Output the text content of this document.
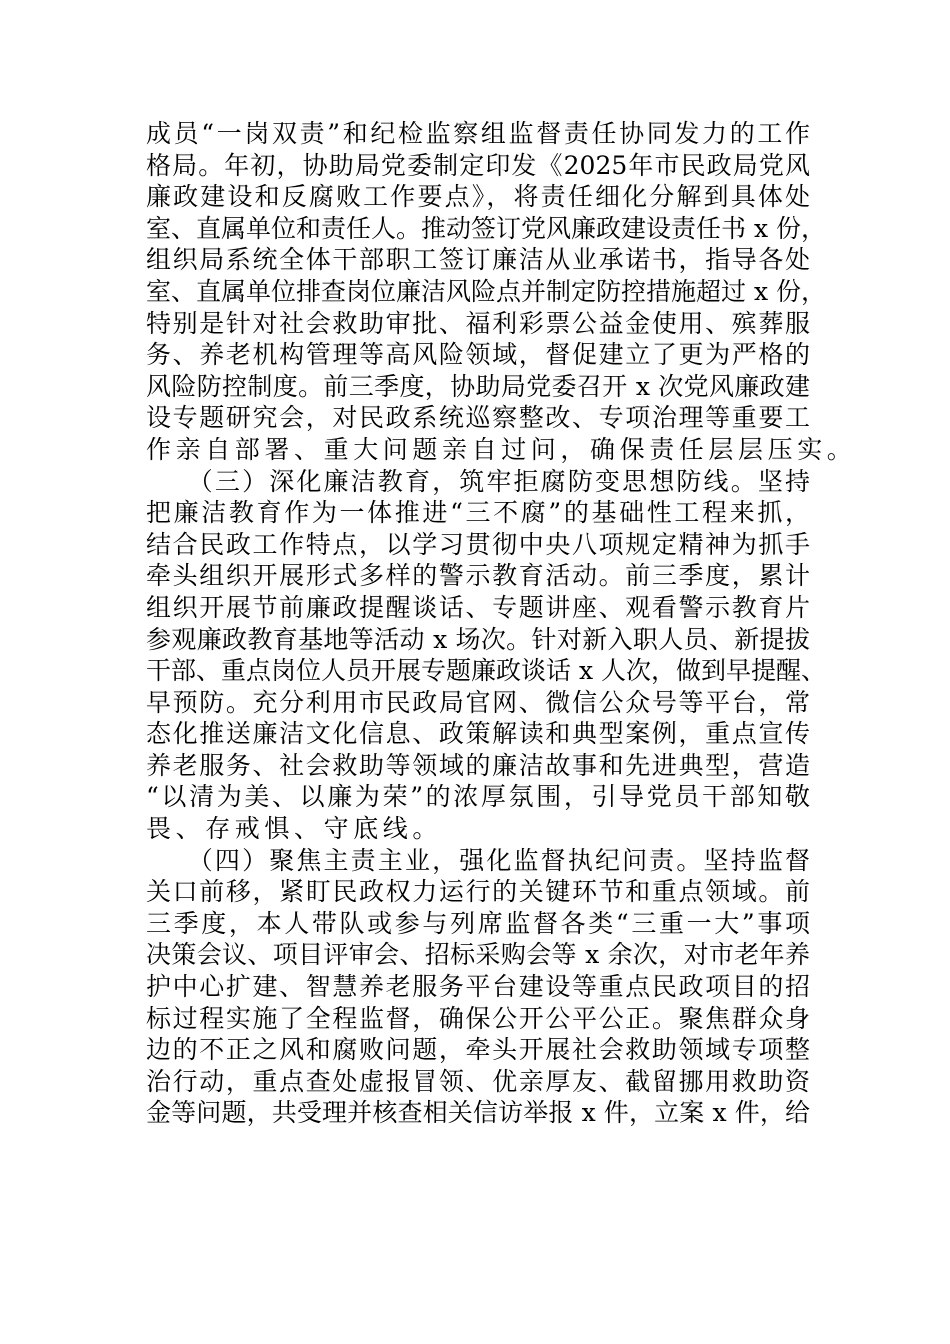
成员“一岗双责”和纪检监察组监督责任协同发力的工作
格局。年初，协助局党委制定印发《2025年市民政局党风
廉政建设和反腐败工作要点》，将责任细化分解到具体处
室、直属单位和责任人。推动签订党风廉政建设责任书 x 份，
组织局系统全体干部职工签订廉洁从业承诺书，指导各处
室、直属单位排查岗位廉洁风险点并制定防控措施超过 x 份，
特别是针对社会救助审批、福利彩票公益金使用、殡葬服
务、养老机构管理等高风险领域，督促建立了更为严格的
风险防控制度。前三季度，协助局党委召开 x 次党风廉政建
设专题研究会，对民政系统巡察整改、专项治理等重要工
作亲自部署、重大问题亲自过问，确保责任层层压实。
　　（三）深化廉洁教育，筑牢拒腐防变思想防线。坚持
把廉洁教育作为一体推进“三不腐”的基础性工程来抓，
结合民政工作特点，以学习贯彻中央八项规定精神为抓手
牵头组织开展形式多样的警示教育活动。前三季度，累计
组织开展节前廉政提醒谈话、专题讲座、观看警示教育片
参观廉政教育基地等活动 x 场次。针对新入职人员、新提拔
干部、重点岗位人员开展专题廉政谈话 x 人次，做到早提醒、
早预防。充分利用市民政局官网、微信公众号等平台，常
态化推送廉洁文化信息、政策解读和典型案例，重点宣传
养老服务、社会救助等领域的廉洁故事和先进典型，营造
“以清为美、以廉为荣”的浓厚氛围，引导党员干部知敬
畏、存戒惧、守底线。
　　（四）聚焦主责主业，强化监督执纪问责。坚持监督
关口前移，紧盯民政权力运行的关键环节和重点领域。前
三季度，本人带队或参与列席监督各类“三重一大”事项
决策会议、项目评审会、招标采购会等 x 余次，对市老年养
护中心扩建、智慧养老服务平台建设等重点民政项目的招
标过程实施了全程监督，确保公开公平公正。聚焦群众身
边的不正之风和腐败问题，牵头开展社会救助领域专项整
治行动，重点查处虚报冒领、优亲厚友、截留挪用救助资
金等问题，共受理并核查相关信访举报 x 件，立案 x 件，给
